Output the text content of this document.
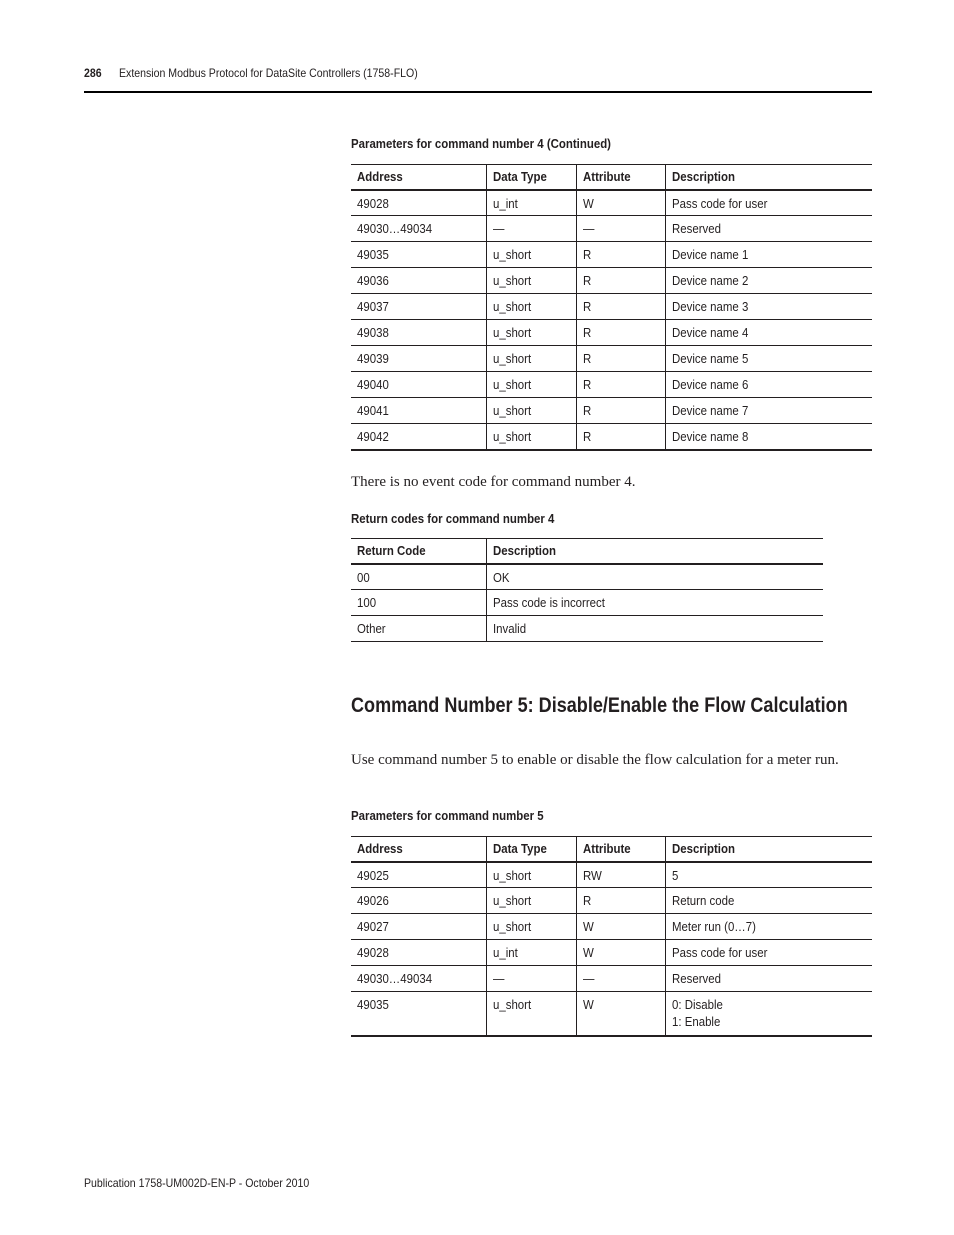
286 Extension Modbus Protocol for DataSite Controllers (1758-FLO)
Parameters for command number 4 (Continued)
Address	Data Type	Attribute	Description
49028	u_int	W	Pass code for user
49030…49034	—	—	Reserved
49035	u_short	R	Device name 1
49036	u_short	R	Device name 2
49037	u_short	R	Device name 3
49038	u_short	R	Device name 4
49039	u_short	R	Device name 5
49040	u_short	R	Device name 6
49041	u_short	R	Device name 7
49042	u_short	R	Device name 8
There is no event code for command number 4.
Return codes for command number 4
Return Code	Description
00	OK
100	Pass code is incorrect
Other	Invalid
Command Number 5: Disable/Enable the Flow Calculation
Use command number 5 to enable or disable the flow calculation for a meter run.
Parameters for command number 5
Address	Data Type	Attribute	Description
49025	u_short	RW	5
49026	u_short	R	Return code
49027	u_short	W	Meter run (0…7)
49028	u_int	W	Pass code for user
49030…49034	—	—	Reserved
49035	u_short	W	0: Disable
1: Enable
Publication 1758-UM002D-EN-P - October 2010
